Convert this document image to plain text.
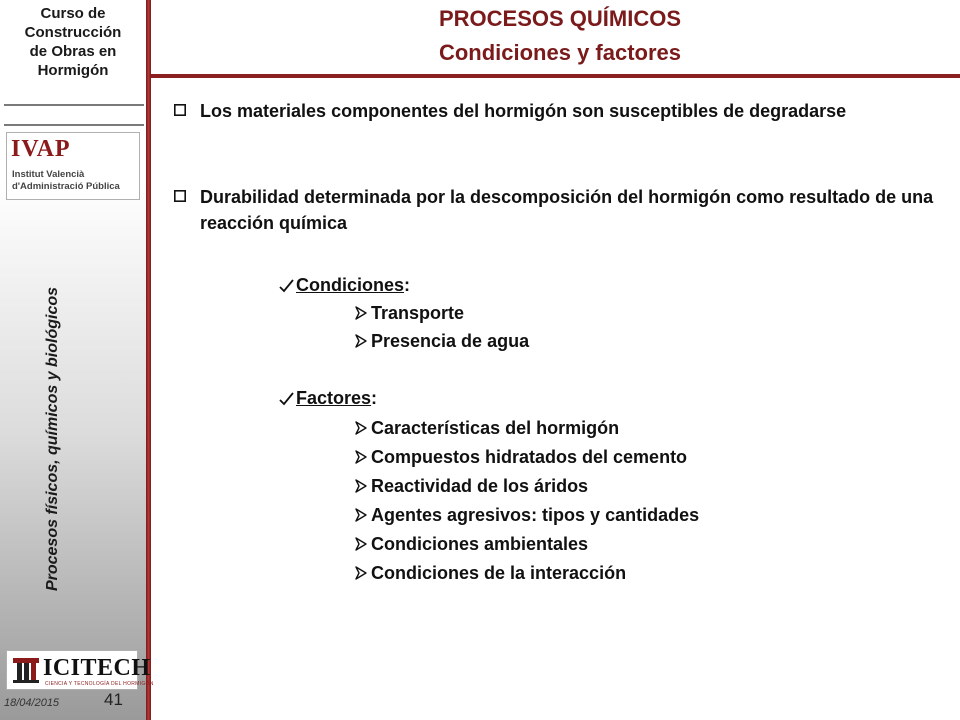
Curso de
Construcción
de Obras en
Hormigón
IVAP
Institut Valencià
d'Administració Pública
Procesos físicos, químicos y biológicos
ICITECH
CIENCIA Y TECNOLOGÍA DEL HORMIGÓN
18/04/2015	41
PROCESOS QUÍMICOS
Condiciones y factores
Los materiales componentes del hormigón son susceptibles de degradarse
Durabilidad determinada por la descomposición del hormigón como resultado de una reacción química
Condiciones:
Transporte
Presencia de agua
Factores:
Características del hormigón
Compuestos hidratados del cemento
Reactividad de los áridos
Agentes agresivos: tipos y cantidades
Condiciones ambientales
Condiciones de la interacción
